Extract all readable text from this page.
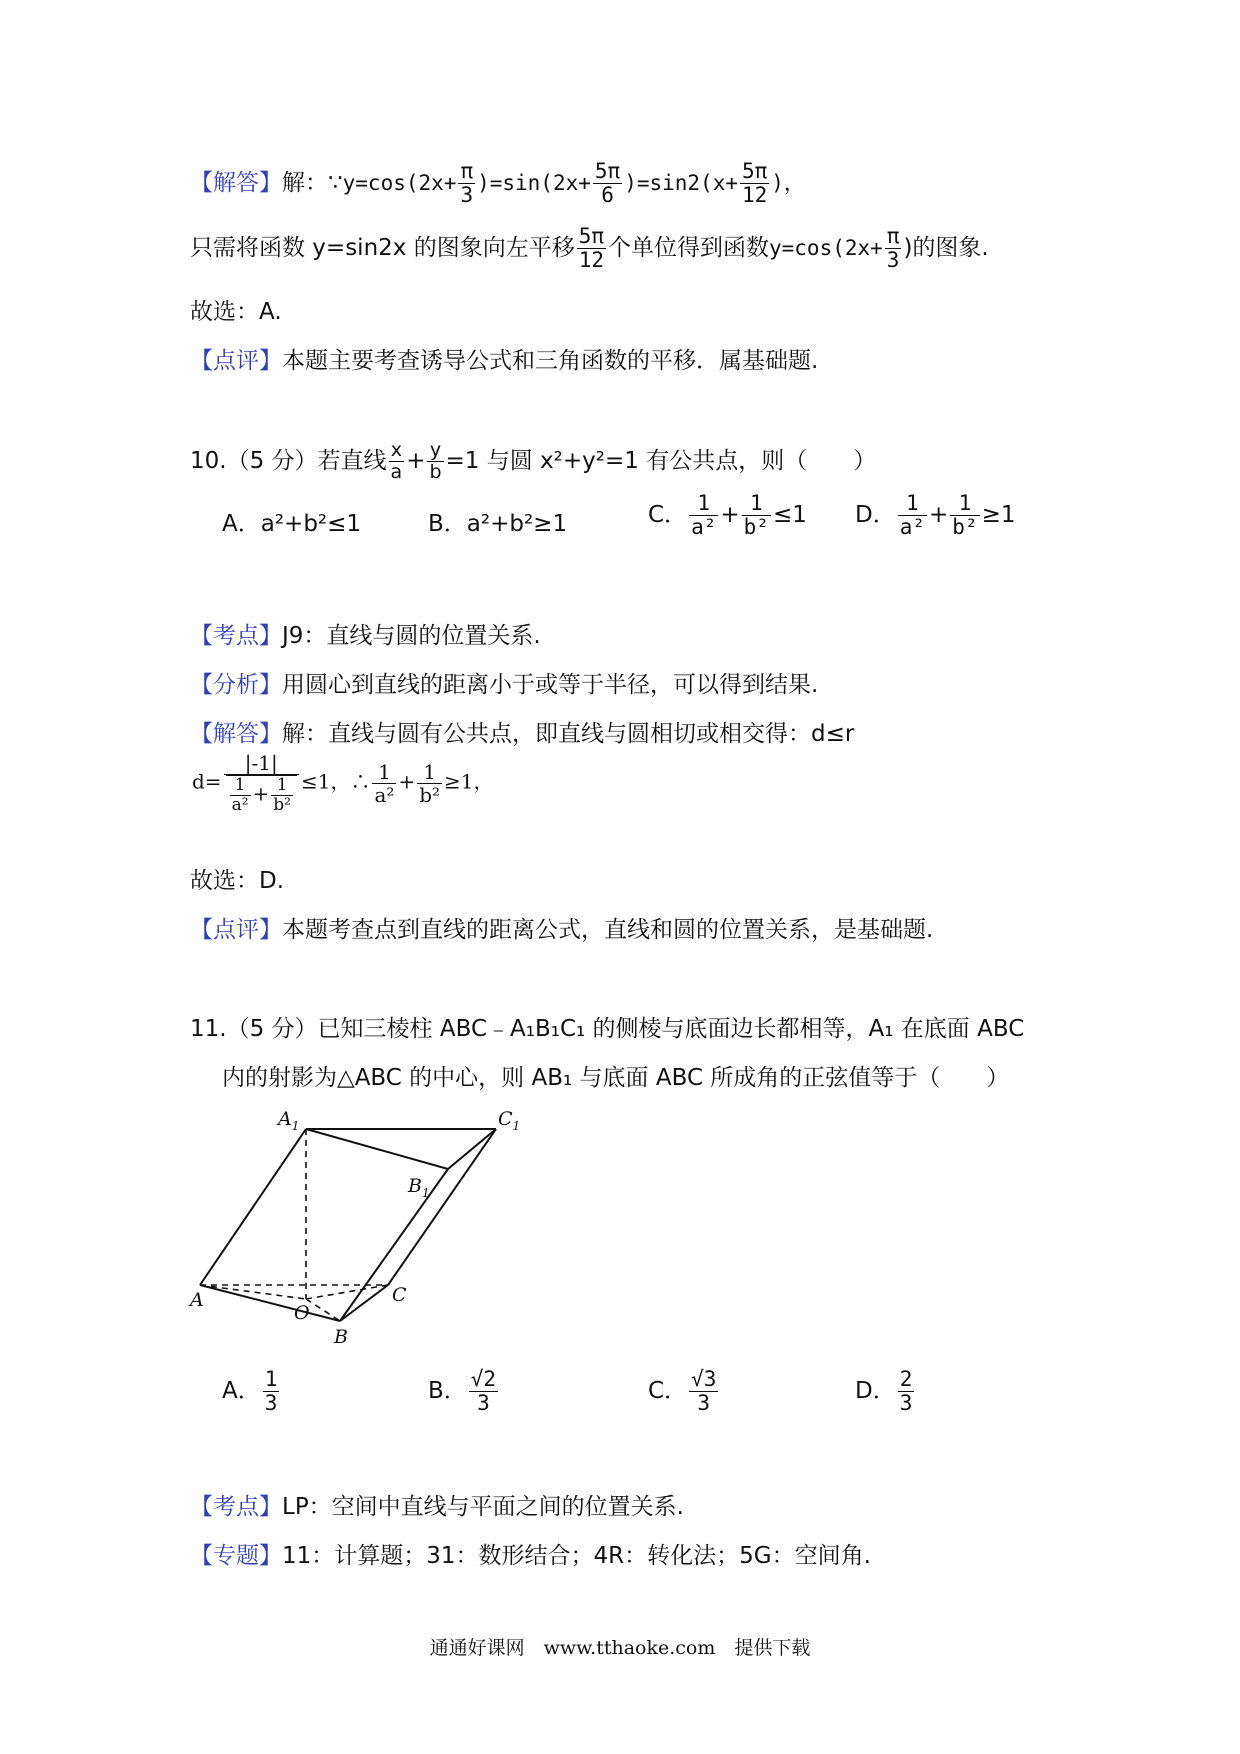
【解答】解：∵y=cos(2x+ $\frac{\pi}{3} )=\sin(2x+ \frac{5\pi}{6} )=\sin 2(x+ \frac{5\pi}{12}$ )，
只需将函数 y=sin2x 的图象向左平移 $\frac{5\pi}{12}$ 个单位得到函数$y=\cos(2x+ \frac{\pi}{3}$ )的图象.
故选：A.
【点评】本题主要考查诱导公式和三角函数的平移．属基础题.
10.（5 分）若直线 $\frac{x}{a} + \frac{y}{b} =1$ 与圆 x²+y²=1 有公共点，则（　　）
A．a²+b²≤1	B．a²+b²≥1	C． $\frac{1}{\text{a²}} + \frac{1}{\text{b²}} \le 1$ D． $\frac{1}{\text{a²}} + \frac{1}{\text{b²}} \ge 1$
【考点】J9：直线与圆的位置关系.
【分析】用圆心到直线的距离小于或等于半径，可以得到结果.
【解答】解：直线与圆有公共点，即直线与圆相切或相交得：d≤r
$d= \frac{|-1|}{\frac{1}{\text{a²}} + \frac{1}{\text{b²}}} \le 1$，∴ $\frac{1}{\text{a²}} + \frac{1}{\text{b²}} \ge 1$，
故选：D.
【点评】本题考查点到直线的距离公式，直线和圆的位置关系，是基础题.
11.（5 分）已知三棱柱 ABC﹣A₁B₁C₁ 的侧棱与底面边长都相等，A₁ 在底面 ABC
内的射影为△ABC 的中心，则 AB₁ 与底面 ABC 所成角的正弦值等于（　　）
$A_1$	$C_1$
$B_1$
A	C
O
B
A． $\frac{1}{3}$	B． $\frac{√2}{3}$	C． $\frac{√3}{3}$	D． $\frac{2}{3}$
【考点】LP：空间中直线与平面之间的位置关系.
【专题】11：计算题；31：数形结合；4R：转化法；5G：空间角.
通通好课网　www.tthaoke.com　提供下载
